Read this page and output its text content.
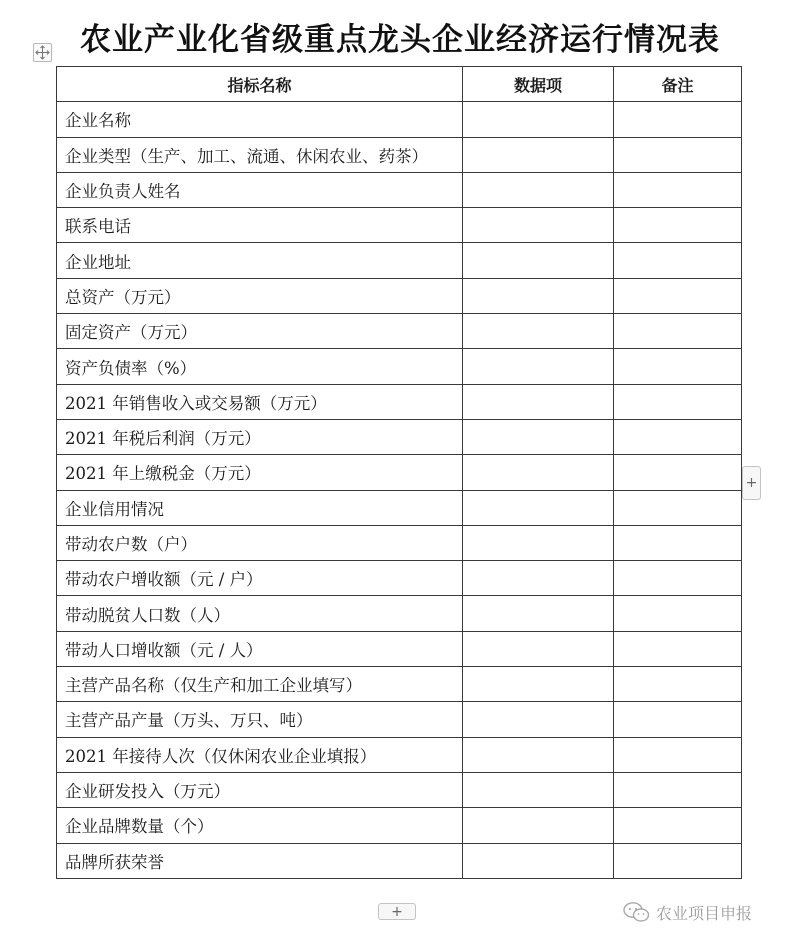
农业产业化省级重点龙头企业经济运行情况表
指标名称	数据项	备注
企业名称		
企业类型（生产、加工、流通、休闲农业、药茶）		
企业负责人姓名		
联系电话		
企业地址		
总资产（万元）		
固定资产（万元）		
资产负债率（%）		
2021 年销售收入或交易额（万元）		
2021 年税后利润（万元）		
2021 年上缴税金（万元）		
企业信用情况		
带动农户数（户）		
带动农户增收额（元 / 户）		
带动脱贫人口数（人）		
带动人口增收额（元 / 人）		
主营产品名称（仅生产和加工企业填写）		
主营产品产量（万头、万只、吨）		
2021 年接待人次（仅休闲农业企业填报）		
企业研发投入（万元）		
企业品牌数量（个）		
品牌所获荣誉		
+
+	农业项目申报
